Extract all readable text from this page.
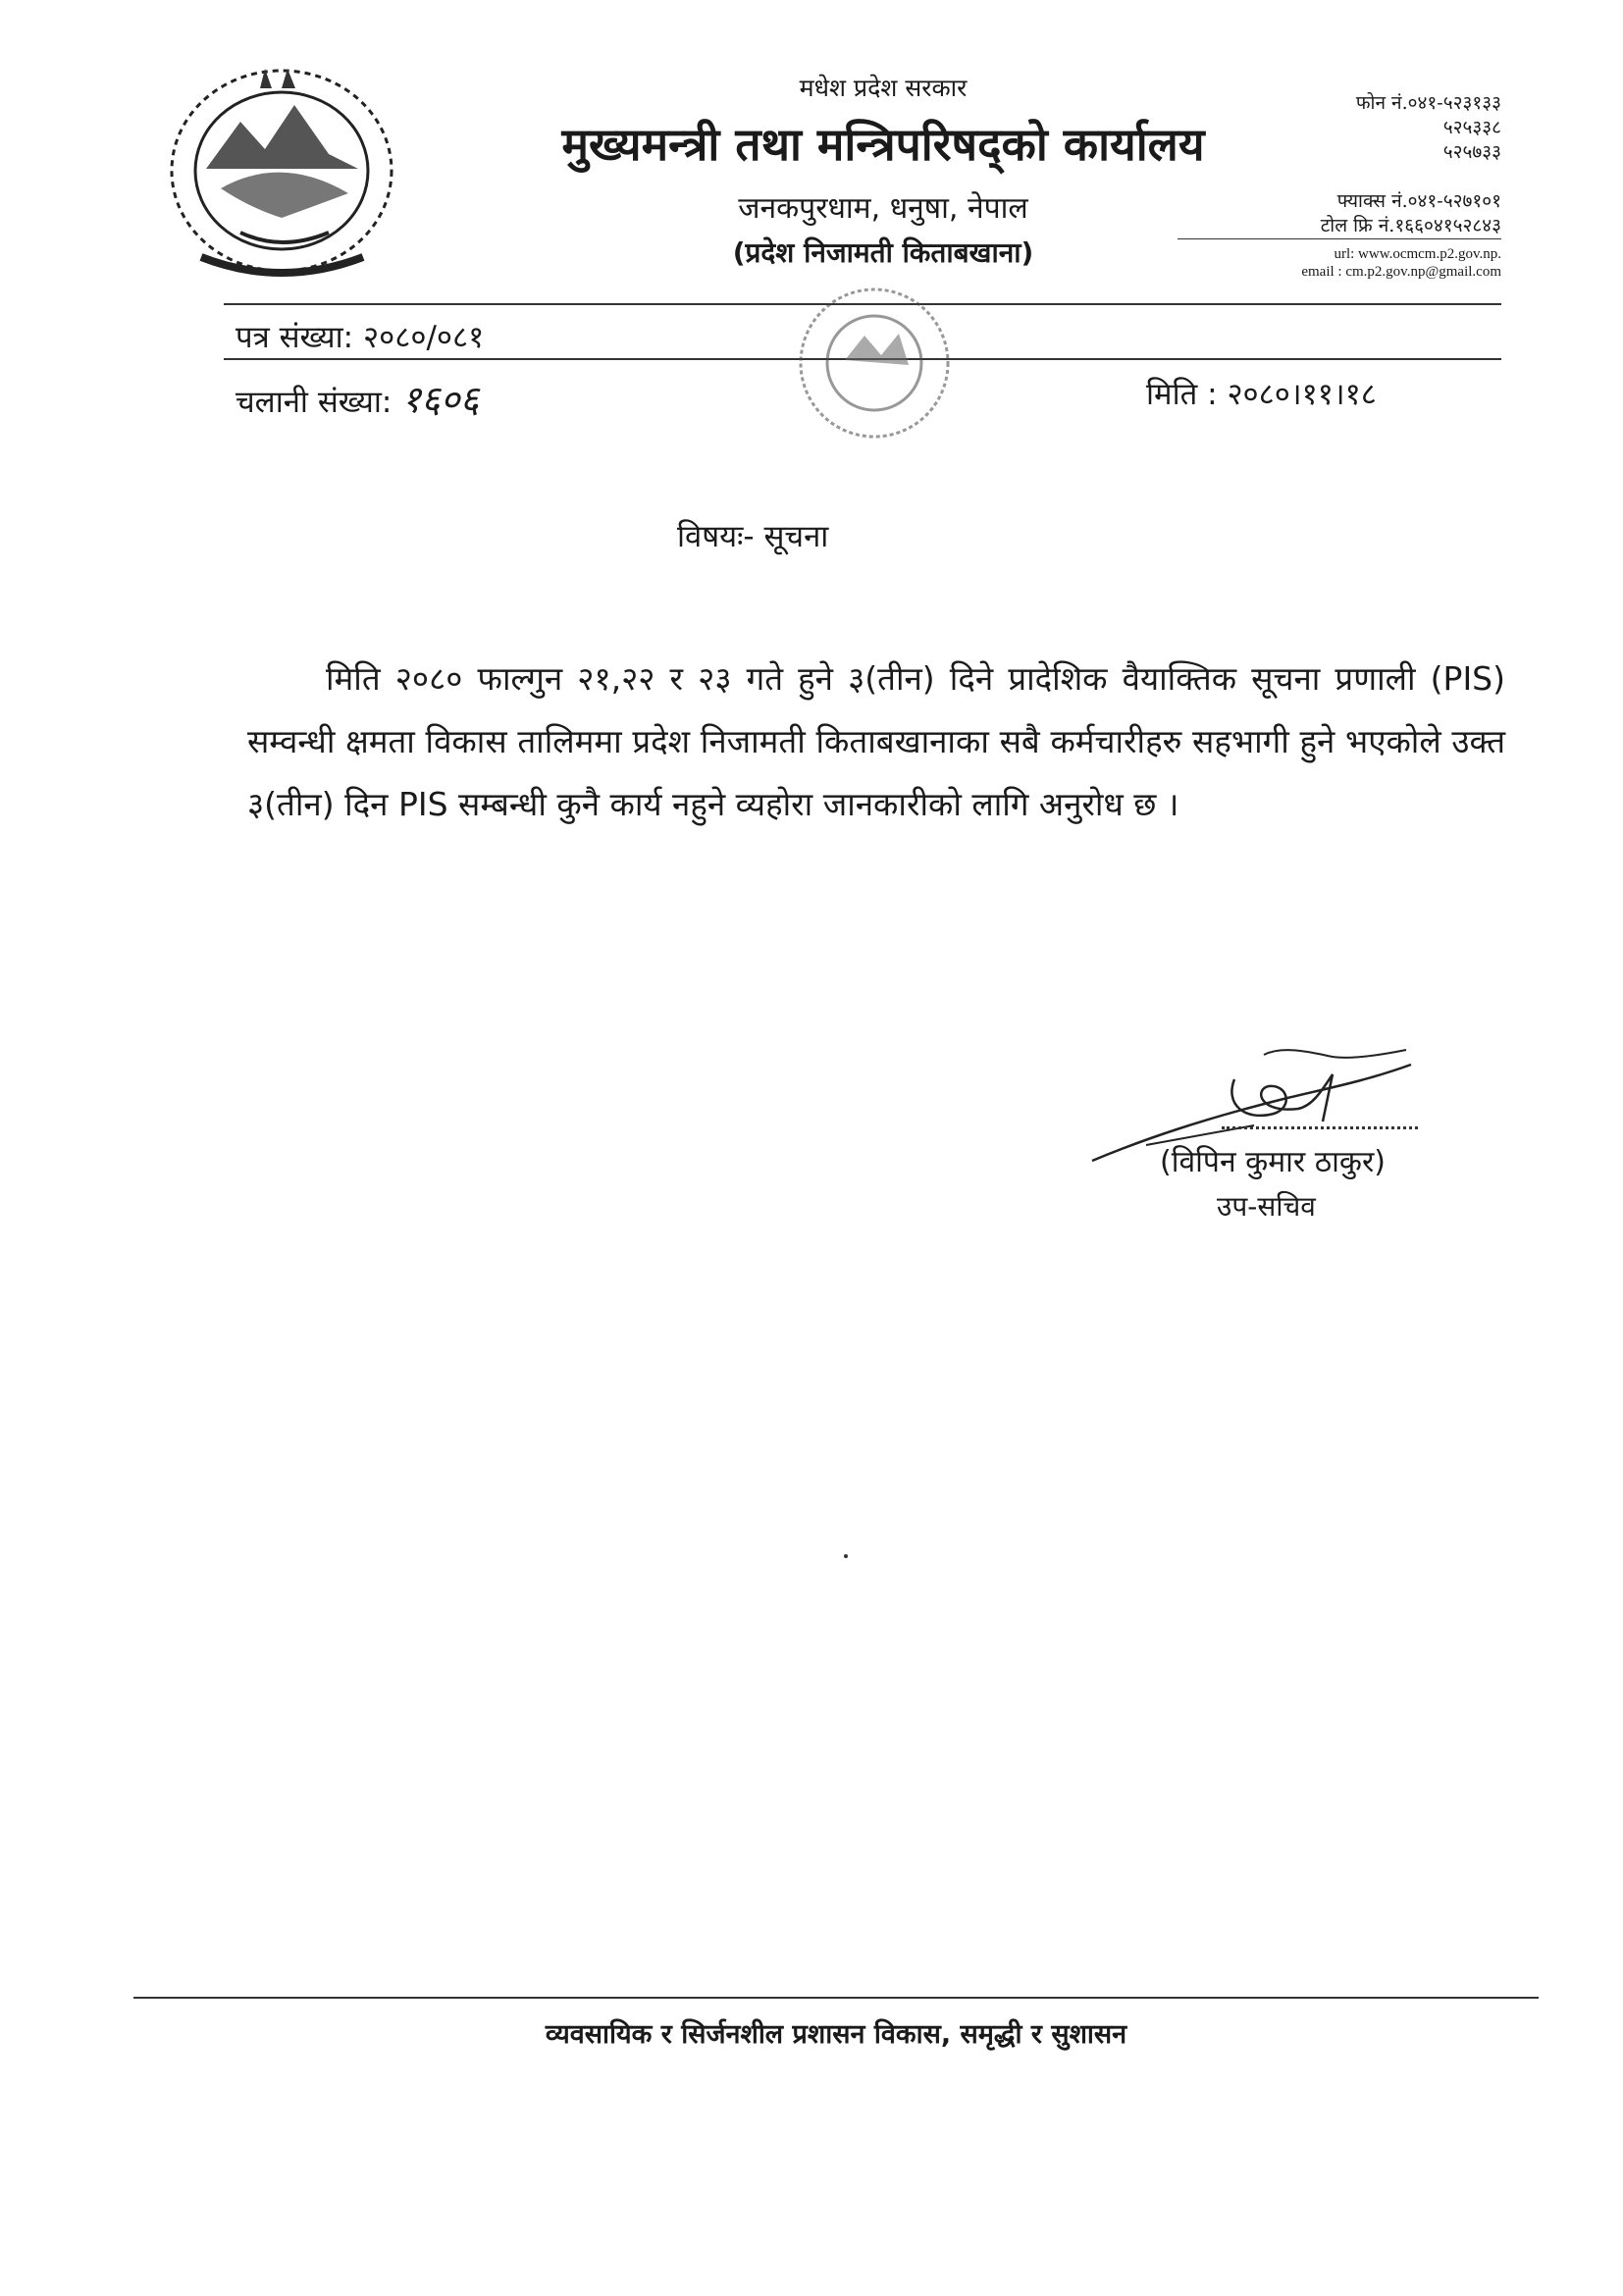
मधेश प्रदेश सरकार
मुख्यमन्त्री तथा मन्त्रिपरिषद्को कार्यालय
जनकपुरधाम, धनुषा, नेपाल
(प्रदेश निजामती किताबखाना)
फोन नं.०४१-५२३१३३
५२५३३८
५२५७३३
फ्याक्स नं.०४१-५२७१०१
टोल फ्रि नं.१६६०४१५२८४३
url: www.ocmcm.p2.gov.np.
email : cm.p2.gov.np@gmail.com
पत्र संख्या: २०८०/०८१
चलानी संख्या: १६०६	मिति : २०८०।११।१८
विषयः- सूचना
मिति २०८० फाल्गुन २१,२२ र २३ गते हुने ३(तीन) दिने प्रादेशिक वैयाक्तिक सूचना प्रणाली (PIS) सम्वन्धी क्षमता विकास तालिममा प्रदेश निजामती किताबखानाका सबै कर्मचारीहरु सहभागी हुने भएकोले उक्त ३(तीन) दिन PIS सम्बन्धी कुनै कार्य नहुने व्यहोरा जानकारीको लागि अनुरोध छ ।
(विपिन कुमार ठाकुर)
उप-सचिव
व्यवसायिक र सिर्जनशील प्रशासन विकास, समृद्धी र सुशासन
